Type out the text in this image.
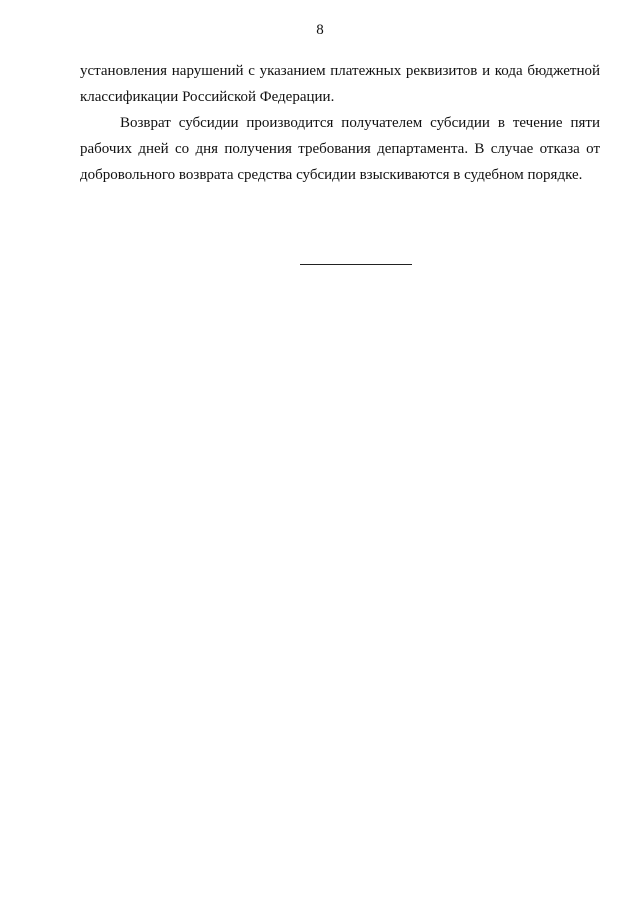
8

установления нарушений с указанием платежных реквизитов и кода бюджетной классификации Российской Федерации.

Возврат субсидии производится получателем субсидии в течение пяти рабочих дней со дня получения требования департамента. В случае отказа от добровольного возврата средства субсидии взыскиваются в судебном порядке.
